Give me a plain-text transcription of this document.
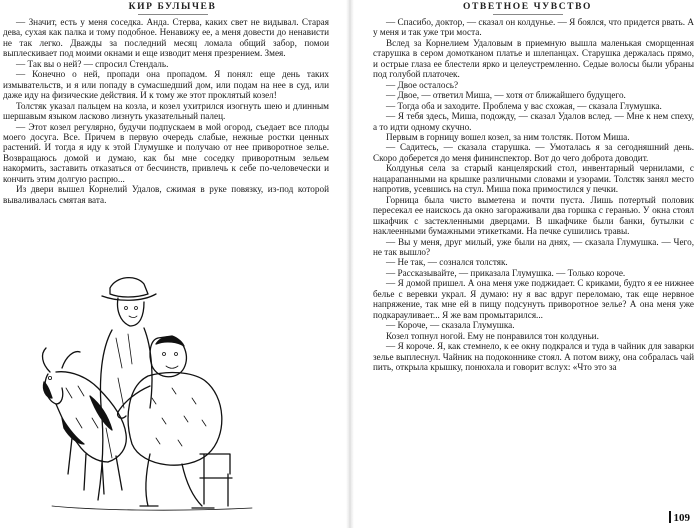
КИР БУЛЫЧЕВ

— Значит, есть у меня соседка. Анда. Стерва, каких свет не видывал. Старая дева, сухая как палка и тому подобное. Ненавижу ее, а меня довести до ненависти не так легко. Дважды за последний месяц ломала общий забор, помои выплескивает под моими окнами и еще изводит меня презрением. Змея.

— Так вы о ней? — спросил Стендаль.

— Конечно о ней, пропади она пропадом. Я понял: еще день таких измывательств, и я или попаду в сумасшедший дом, или подам на нее в суд, или даже иду на физические действия. И к тому же этот проклятый козел!

Толстяк указал пальцем на козла, и козел ухитрился изогнуть шею и длинным шершавым языком ласково лизнуть указательный палец.

— Этот козел регулярно, будучи подпускаем в мой огород, съедает все плоды моего досуга. Все. Причем в первую очередь слабые, нежные ростки ценных растений. И тогда я иду к этой Глумушке и получаю от нее приворотное зелье. Возвращаюсь домой и думаю, как бы мне соседку приворотным зельем накормить, заставить отказаться от бесчинств, привлечь к себе по-человечески и кончить этим долгую распрю...

Из двери вышел Корнелий Удалов, сжимая в руке повязку, из-под которой вываливалась смятая вата.

ОТВЕТНОЕ ЧУВСТВО

— Спасибо, доктор, — сказал он колдунье. — Я боялся, что придется рвать. А у меня и так уже три моста.

Вслед за Корнелием Удаловым в приемную вышла маленькая сморщенная старушка в сером домотканом платье и шлепанцах. Старушка держалась прямо, и острые глаза ее блестели ярко и целеустремленно. Седые волосы были убраны под голубой платочек.

— Двое осталось?

— Двое, — ответил Миша, — хотя от ближайшего будущего.

— Тогда оба и заходите. Проблема у вас схожая, — сказала Глумушка.

— Я тебя здесь, Миша, подожду, — сказал Удалов вслед. — Мне к нем спеху, а то идти одному скучно.

Первым в горницу вошел козел, за ним толстяк. Потом Миша.

— Садитесь, — сказала старушка. — Умоталась я за сегодняшний день. Скоро доберется до меня фининспектор. Вот до чего доброта доводит.

Колдунья села за старый канцелярский стол, инвентарный чернилами, с нацарапанными на крышке различными словами и узорами. Толстяк занял место напротив, усевшись на стул. Миша пока примостился у печки.

Горница была чисто выметена и почти пуста. Лишь потертый половик пересекал ее наискось да окно загораживали два горшка с геранью. У окна стоял шкафчик с застекленными дверцами. В шкафчике были банки, бутылки с наклеенными бумажными этикетками. На печке сушились травы.

— Вы у меня, друг милый, уже были на днях, — сказала Глумушка. — Чего, не так вышло?

— Не так, — сознался толстяк.

— Рассказывайте, — приказала Глумушка. — Только короче.

— Я домой пришел. А она меня уже поджидает. С криками, будто я ее нижнее белье с веревки украл. Я думаю: ну я вас вдруг переломаю, так еще нервное напряжение, так мне ей в пищу подсунуть приворотное зелье? А она меня уже подкарауливает... Я же вам промытарился...

— Короче, — сказала Глумушка.

Козел топнул ногой. Ему не понравился тон колдуньи.

— Я короче. Я, как стемнело, к ее окну подкрался и туда в чайник для заварки зелье выплеснул. Чайник на подоконнике стоял. А потом вижу, она собралась чай пить, открыла крышку, понюхала и говорит вслух: «Что это за

109
